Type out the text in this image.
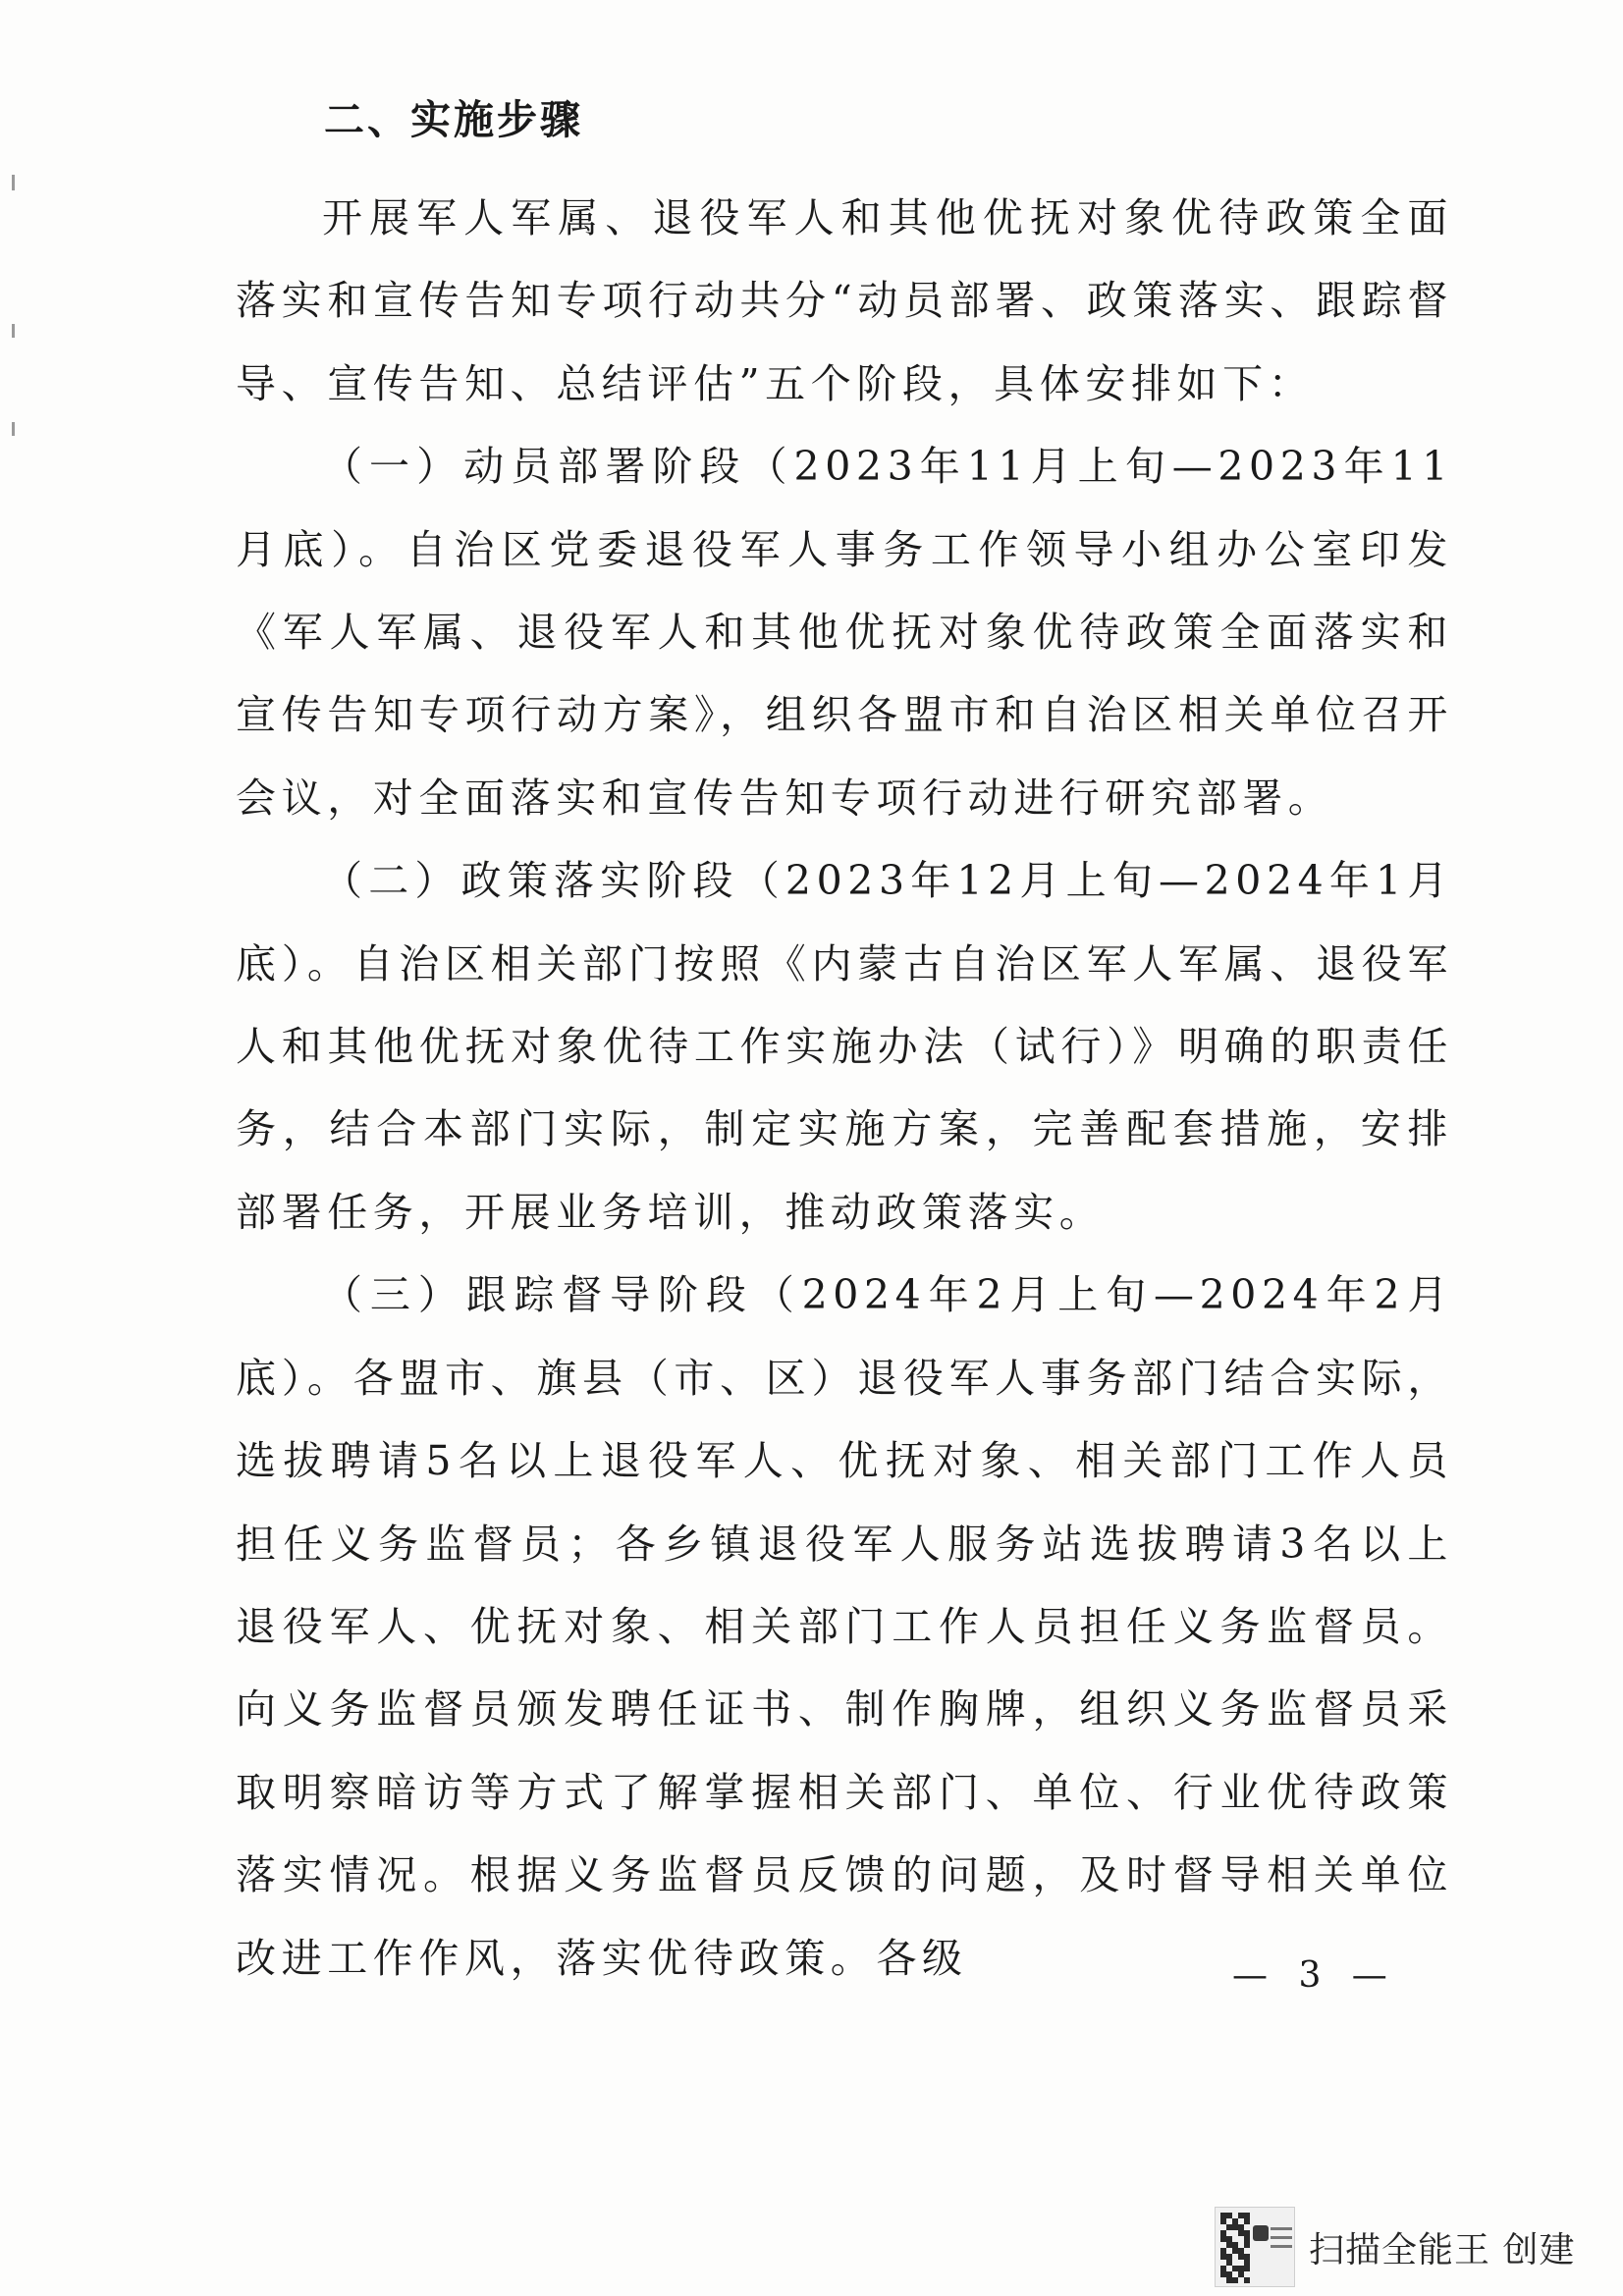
二、实施步骤

开展军人军属、退役军人和其他优抚对象优待政策全面落实和宣传告知专项行动共分“动员部署、政策落实、跟踪督导、宣传告知、总结评估”五个阶段，具体安排如下：

（一）动员部署阶段（2023年11月上旬—2023年11月底）。自治区党委退役军人事务工作领导小组办公室印发《军人军属、退役军人和其他优抚对象优待政策全面落实和宣传告知专项行动方案》，组织各盟市和自治区相关单位召开会议，对全面落实和宣传告知专项行动进行研究部署。

（二）政策落实阶段（2023年12月上旬—2024年1月底）。自治区相关部门按照《内蒙古自治区军人军属、退役军人和其他优抚对象优待工作实施办法（试行）》明确的职责任务，结合本部门实际，制定实施方案，完善配套措施，安排部署任务，开展业务培训，推动政策落实。

（三）跟踪督导阶段（2024年2月上旬—2024年2月底）。各盟市、旗县（市、区）退役军人事务部门结合实际，选拔聘请5名以上退役军人、优抚对象、相关部门工作人员担任义务监督员；各乡镇退役军人服务站选拔聘请3名以上退役军人、优抚对象、相关部门工作人员担任义务监督员。向义务监督员颁发聘任证书、制作胸牌，组织义务监督员采取明察暗访等方式了解掌握相关部门、单位、行业优待政策落实情况。根据义务监督员反馈的问题，及时督导相关单位改进工作作风，落实优待政策。各级	— 3 —
扫描全能王 创建
